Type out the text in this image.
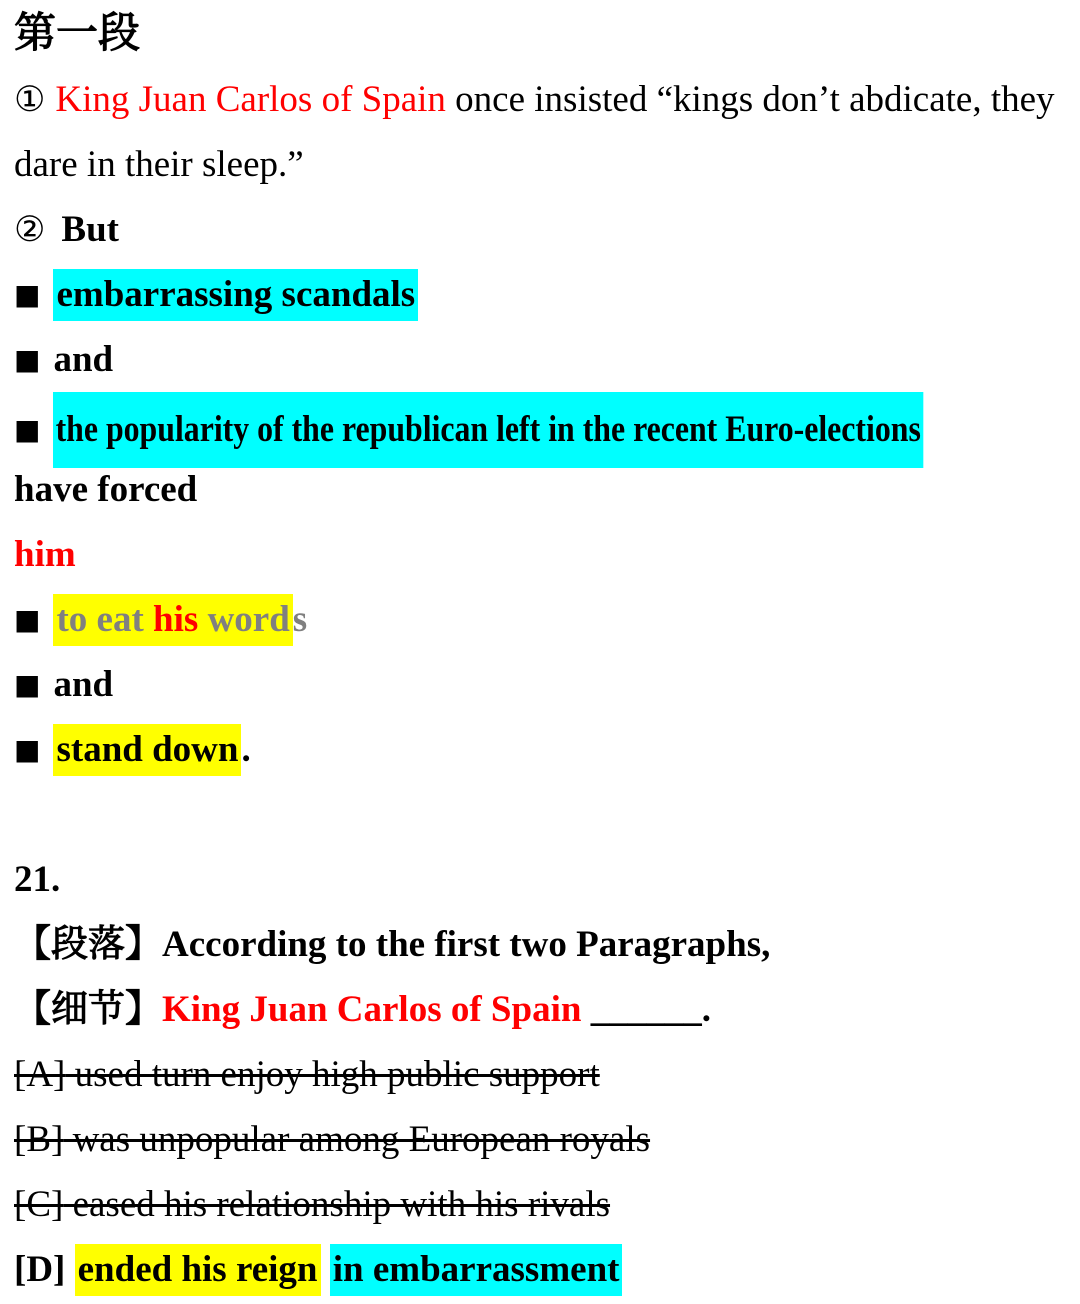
第一段
① King Juan Carlos of Spain once insisted “kings don’t abdicate, they
dare in their sleep.”
② But
■ embarrassing scandals
■ and
■ the popularity of the republican left in the recent Euro-elections
have forced
him
■ to eat his words
■ and
■ stand down.
21.
【段落】According to the first two Paragraphs,
【细节】King Juan Carlos of Spain ______.
[A] used turn enjoy high public support
[B] was unpopular among European royals
[C] eased his relationship with his rivals
[D] ended his reign in embarrassment
